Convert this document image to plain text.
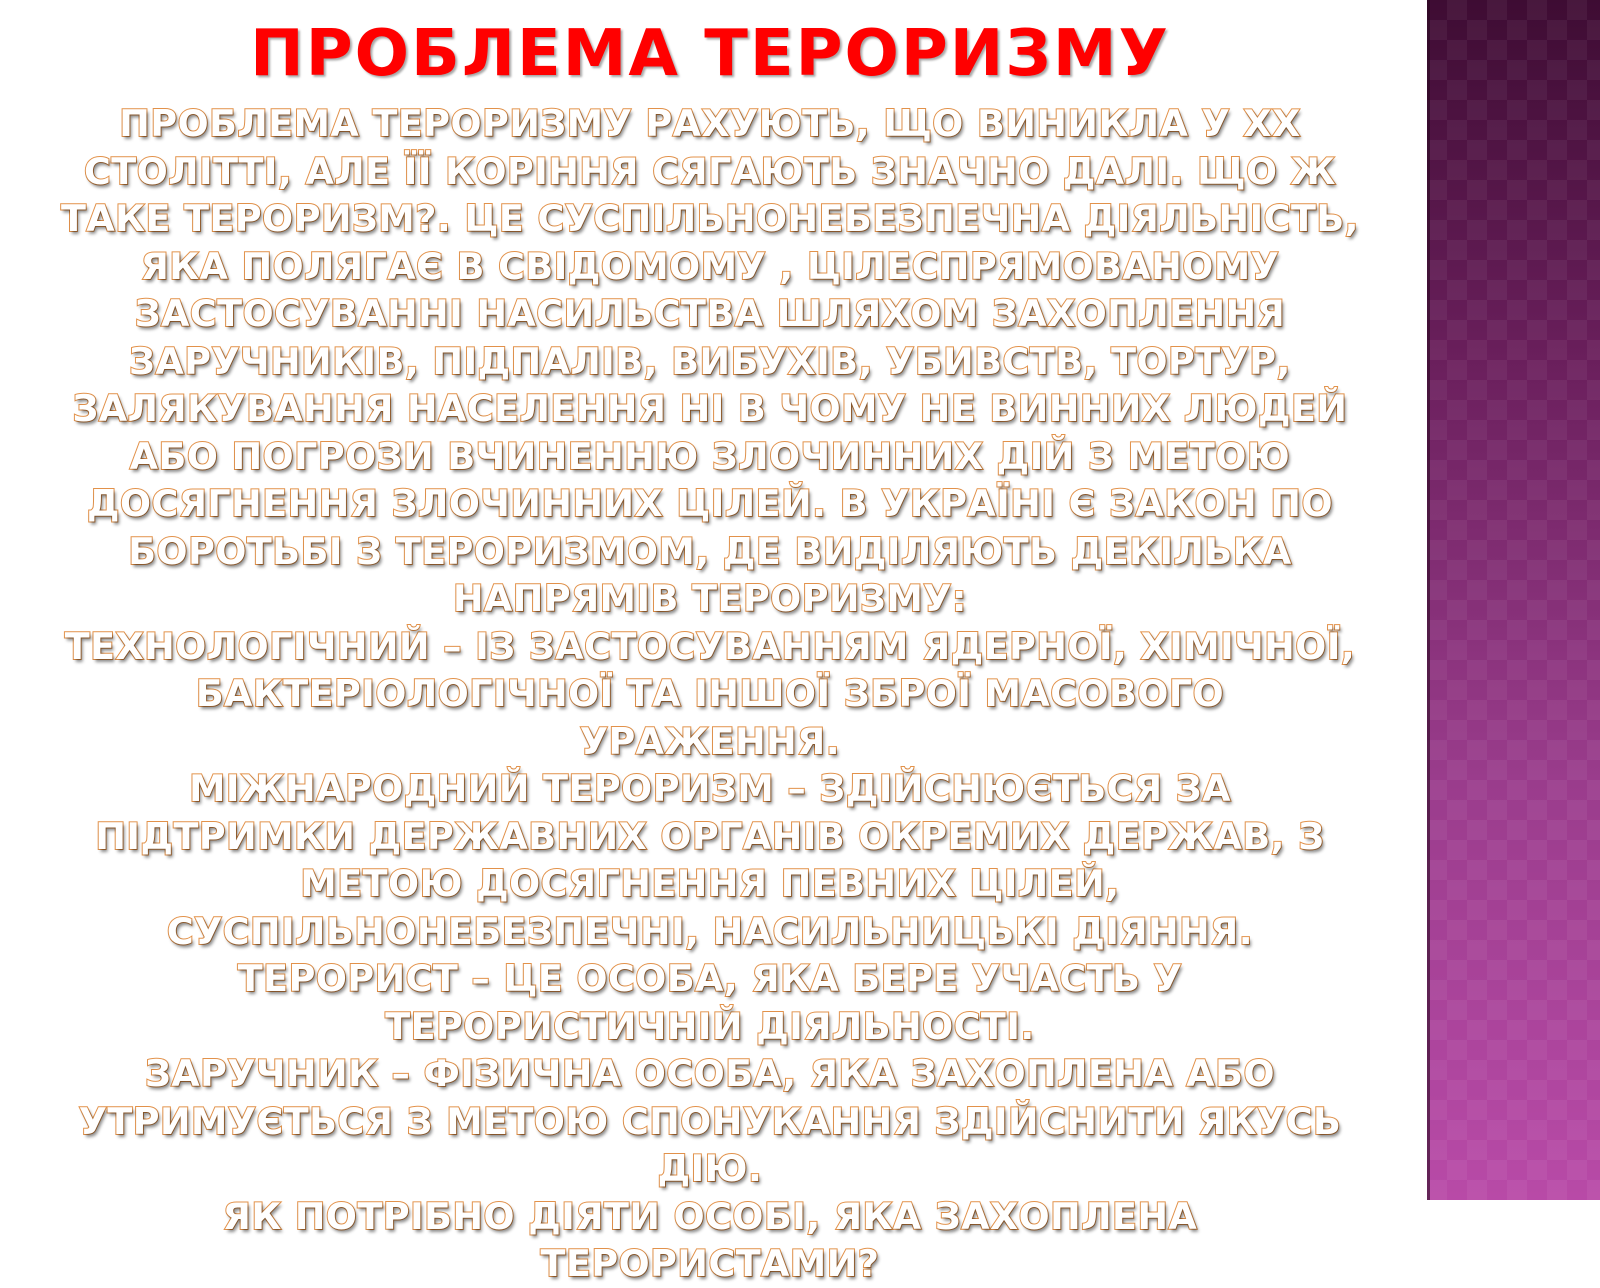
ПРОБЛЕМА ТЕРОРИЗМУ
ПРОБЛЕМА ТЕРОРИЗМУ РАХУЮТЬ, ЩО ВИНИКЛА У XX СТОЛІТТІ, АЛЕ ЇЇ КОРІННЯ СЯГАЮТЬ ЗНАЧНО ДАЛІ. ЩО Ж ТАКЕ ТЕРОРИЗМ?. ЦЕ СУСПІЛЬНОНЕБЕЗПЕЧНА ДІЯЛЬНІСТЬ, ЯКА ПОЛЯГАЄ В СВІДОМОМУ , ЦІЛЕСПРЯМОВАНОМУ ЗАСТОСУВАННІ НАСИЛЬСТВА ШЛЯХОМ ЗАХОПЛЕННЯ ЗАРУЧНИКІВ, ПІДПАЛІВ, ВИБУХІВ, УБИВСТВ, ТОРТУР, ЗАЛЯКУВАННЯ НАСЕЛЕННЯ НІ В ЧОМУ НЕ ВИННИХ ЛЮДЕЙ АБО ПОГРОЗИ ВЧИНЕННЮ ЗЛОЧИННИХ ДІЙ З МЕТОЮ ДОСЯГНЕННЯ ЗЛОЧИННИХ ЦІЛЕЙ. В УКРАЇНІ Є ЗАКОН ПО БОРОТЬБІ З ТЕРОРИЗМОМ, ДЕ ВИДІЛЯЮТЬ ДЕКІЛЬКА НАПРЯМІВ ТЕРОРИЗМУ:
ТЕХНОЛОГІЧНИЙ – ІЗ ЗАСТОСУВАННЯМ ЯДЕРНОЇ, ХІМІЧНОЇ, БАКТЕРІОЛОГІЧНОЇ ТА ІНШОЇ ЗБРОЇ МАСОВОГО УРАЖЕННЯ.
МІЖНАРОДНИЙ ТЕРОРИЗМ – ЗДІЙСНЮЄТЬСЯ ЗА ПІДТРИМКИ ДЕРЖАВНИХ ОРГАНІВ ОКРЕМИХ ДЕРЖАВ, З МЕТОЮ ДОСЯГНЕННЯ ПЕВНИХ ЦІЛЕЙ, СУСПІЛЬНОНЕБЕЗПЕЧНІ, НАСИЛЬНИЦЬКІ ДІЯННЯ.
ТЕРОРИСТ – ЦЕ ОСОБА, ЯКА БЕРЕ УЧАСТЬ У ТЕРОРИСТИЧНІЙ ДІЯЛЬНОСТІ.
ЗАРУЧНИК – ФІЗИЧНА ОСОБА, ЯКА ЗАХОПЛЕНА АБО УТРИМУЄТЬСЯ З МЕТОЮ СПОНУКАННЯ ЗДІЙСНИТИ ЯКУСЬ ДІЮ.
ЯК ПОТРІБНО ДІЯТИ ОСОБІ, ЯКА ЗАХОПЛЕНА ТЕРОРИСТАМИ?
